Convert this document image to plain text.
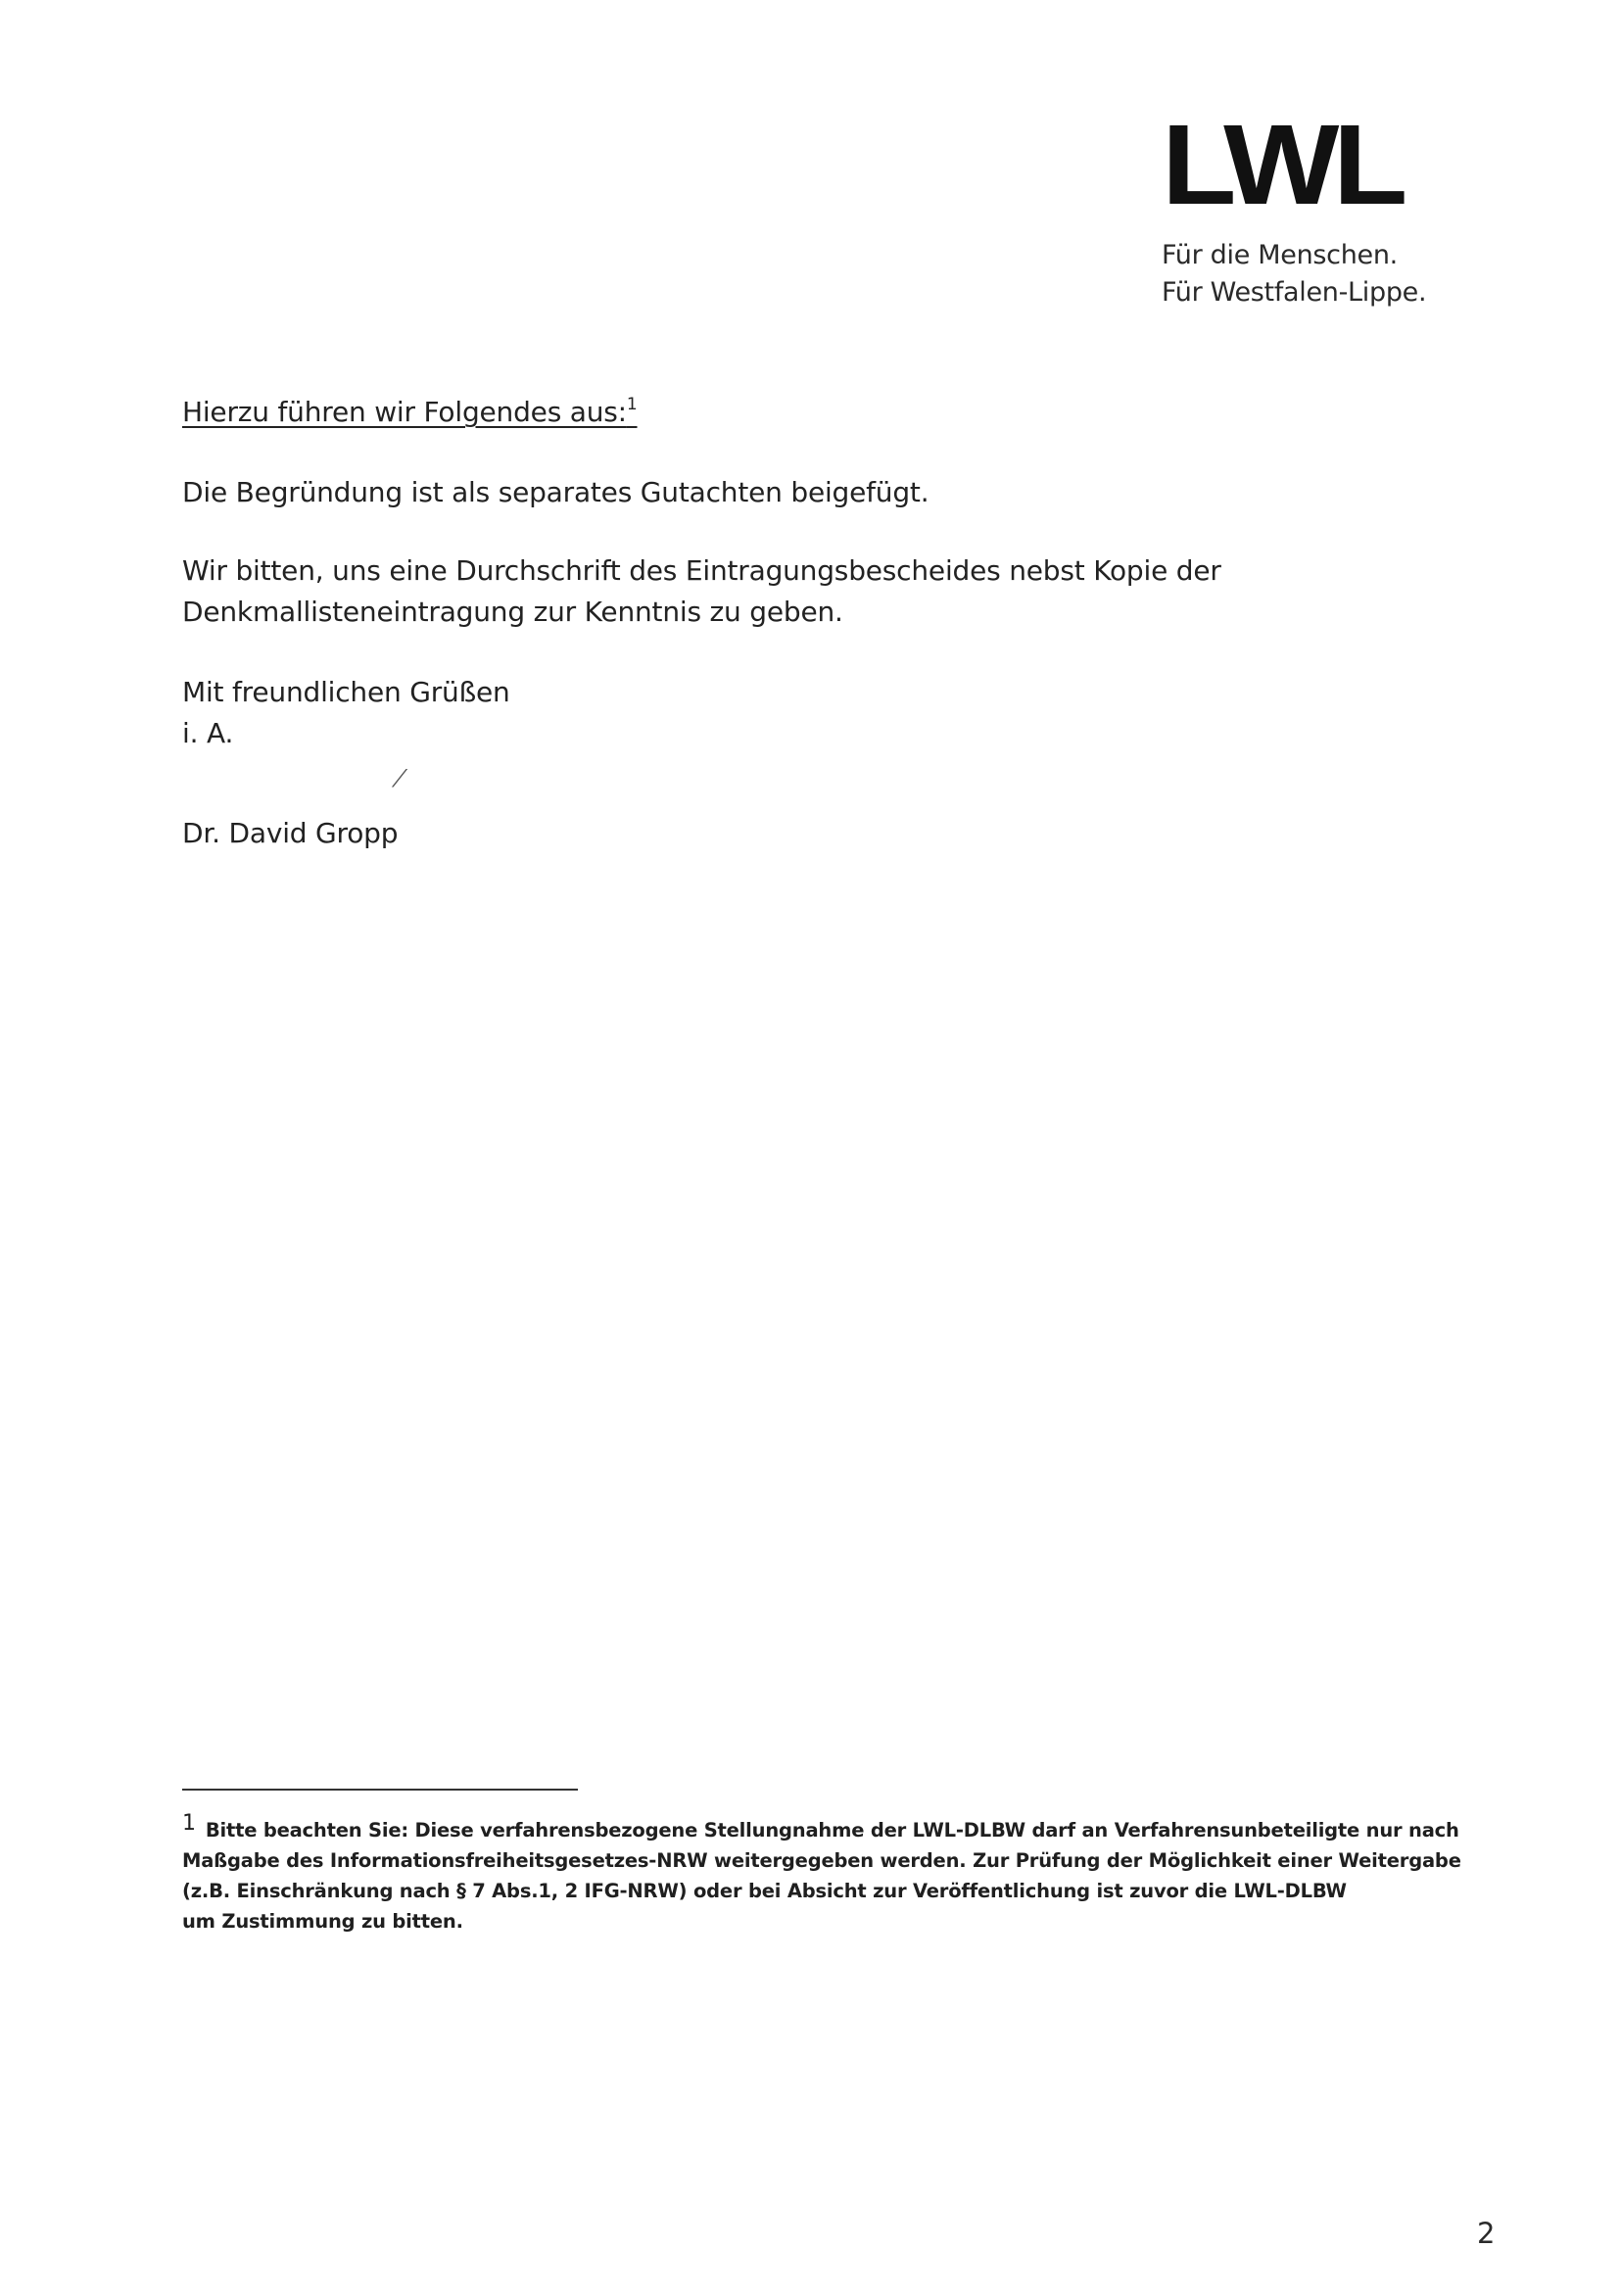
LWL
Für die Menschen.
Für Westfalen-Lippe.
Hierzu führen wir Folgendes aus:$^1$

Die Begründung ist als separates Gutachten beigefügt.

Wir bitten, uns eine Durchschrift des Eintragungsbescheides nebst Kopie der

Denkmallisteneintragung zur Kenntnis zu geben.

Mit freundlichen Grüßen

i. A.

⁄

Dr. David Gropp

1 Bitte beachten Sie: Diese verfahrensbezogene Stellungnahme der LWL-DLBW darf an Verfahrensunbeteiligte nur nach
Maßgabe des Informationsfreiheitsgesetzes-NRW weitergegeben werden. Zur Prüfung der Möglichkeit einer Weitergabe
(z.B. Einschränkung nach § 7 Abs.1, 2 IFG-NRW) oder bei Absicht zur Veröffentlichung ist zuvor die LWL-DLBW
um Zustimmung zu bitten.
2
